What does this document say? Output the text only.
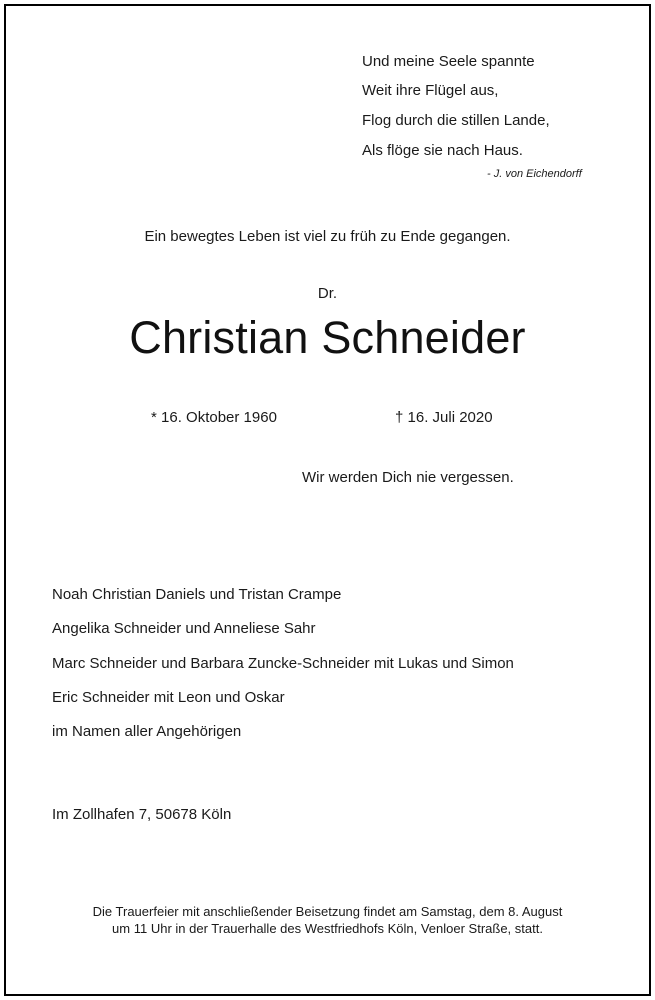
Und meine Seele spannte
Weit ihre Flügel aus,
Flog durch die stillen Lande,
Als flöge sie nach Haus.
- J. von Eichendorff
Ein bewegtes Leben ist viel zu früh zu Ende gegangen.
Dr.
Christian Schneider
* 16. Oktober 1960	† 16. Juli 2020
Wir werden Dich nie vergessen.
Noah Christian Daniels und Tristan Crampe
Angelika Schneider und Anneliese Sahr
Marc Schneider und Barbara Zuncke-Schneider mit Lukas und Simon
Eric Schneider mit Leon und Oskar
im Namen aller Angehörigen
Im Zollhafen 7, 50678 Köln
Die Trauerfeier mit anschließender Beisetzung findet am Samstag, dem 8. August
um 11 Uhr in der Trauerhalle des Westfriedhofs Köln, Venloer Straße, statt.
